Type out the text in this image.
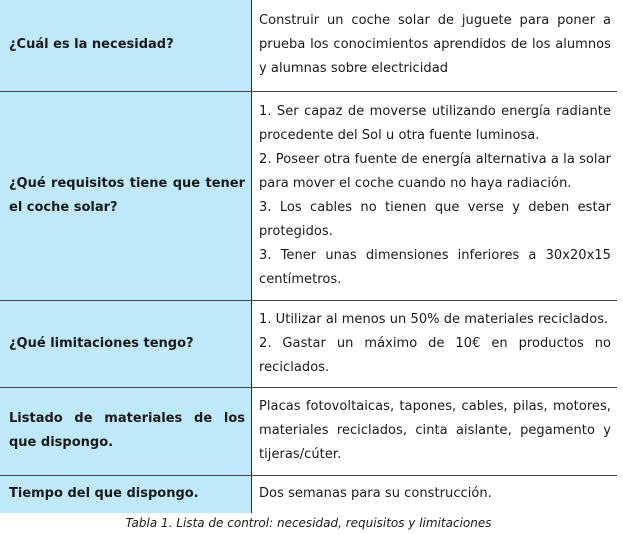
¿Cuál es la necesidad?	Construir un coche solar de juguete para poner a prueba los conocimientos aprendidos de los alumnos y alumnas sobre electricidad

¿Qué requisitos tiene que tener el coche solar?	1. Ser capaz de moverse utilizando energía radiante procedente del Sol u otra fuente luminosa.
2. Poseer otra fuente de energía alternativa a la solar para mover el coche cuando no haya radiación.
3. Los cables no tienen que verse y deben estar protegidos.
3. Tener unas dimensiones inferiores a 30x20x15 centímetros.

¿Qué limitaciones tengo?	1. Utilizar al menos un 50% de materiales reciclados.
2. Gastar un máximo de 10€ en productos no reciclados.

Listado de materiales de los que dispongo.	Placas fotovoltaicas, tapones, cables, pilas, motores, materiales reciclados, cinta aislante, pegamento y tijeras/cúter.

Tiempo del que dispongo.	Dos semanas para su construcción.
Tabla 1. Lista de control: necesidad, requisitos y limitaciones
